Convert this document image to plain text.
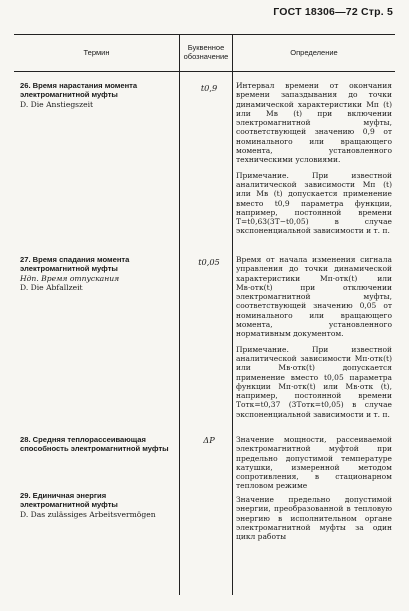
ГОСТ 18306—72 Стр. 5
Термин	Буквенное обозначение	Определение
26. Время нарастания момента электромагнитной муфты
D. Die Anstiegszeit
t0,9	Интервал времени от окончания времени запаздывания до точки динамической характеристики Mп (t) или Mв (t) при включении электромагнитной муфты, соответствующей значению 0,9 от номинального или вращающего момента, установленного техническими условиями.
Примечание. При известной аналитической зависимости Mп (t) или Mв (t) допускается применение вместо t0,9 параметра функции, например, постоянной времени T=t0,63(3T−t0,05) в случае экспоненциальной зависимости и т. п.
27. Время спадания момента электромагнитной муфты
Ндп. Время отпускания
D. Die Abfallzeit
t0,05	Время от начала изменения сигнала управления до точки динамической характеристики Mп·отк(t) или Mв·отк(t) при отключении электромагнитной муфты, соответствующей значению 0,05 от номинального или вращающего момента, установленного нормативным документом.
Примечание. При известной аналитической зависимости Mп·отк(t) или Mв·отк(t) допускается применение вместо t0,05 параметра функции Mп·отк(t) или Mв·отк (t), например, постоянной времени Tотк=t0,37 (3Tотк=t0,05) в случае экспоненциальной зависимости и т. п.
28. Средняя теплорассеивающая способность электромагнитной муфты
ΔP	Значение мощности, рассеиваемой электромагнитной муфтой при предельно допустимой температуре катушки, измеренной методом сопротивления, в стационарном тепловом режиме
29. Единичная энергия электромагнитной муфты
D. Das zulässiges Arbeitsvermögen
Значение предельно допустимой энергии, преобразованной в тепловую энергию в исполнительном органе электромагнитной муфты за один цикл работы
